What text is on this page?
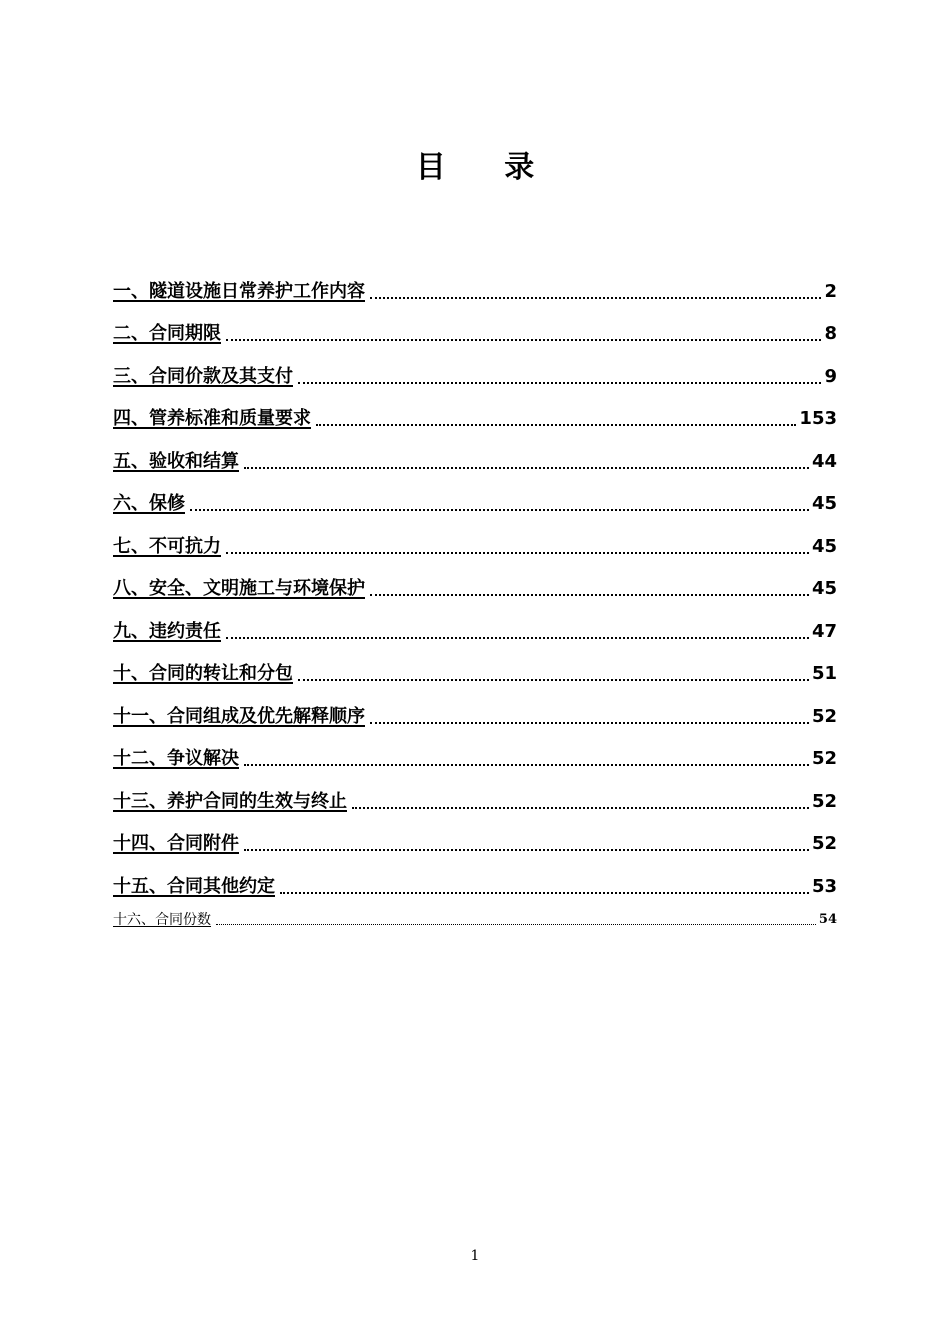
目 录
一、隧道设施日常养护工作内容	2
二、合同期限	8
三、合同价款及其支付	9
四、管养标准和质量要求	153
五、验收和结算	44
六、保修	45
七、不可抗力	45
八、安全、文明施工与环境保护	45
九、违约责任	47
十、合同的转让和分包	51
十一、合同组成及优先解释顺序	52
十二、争议解决	52
十三、养护合同的生效与终止	52
十四、合同附件	52
十五、合同其他约定	53
十六、合同份数	54
1
